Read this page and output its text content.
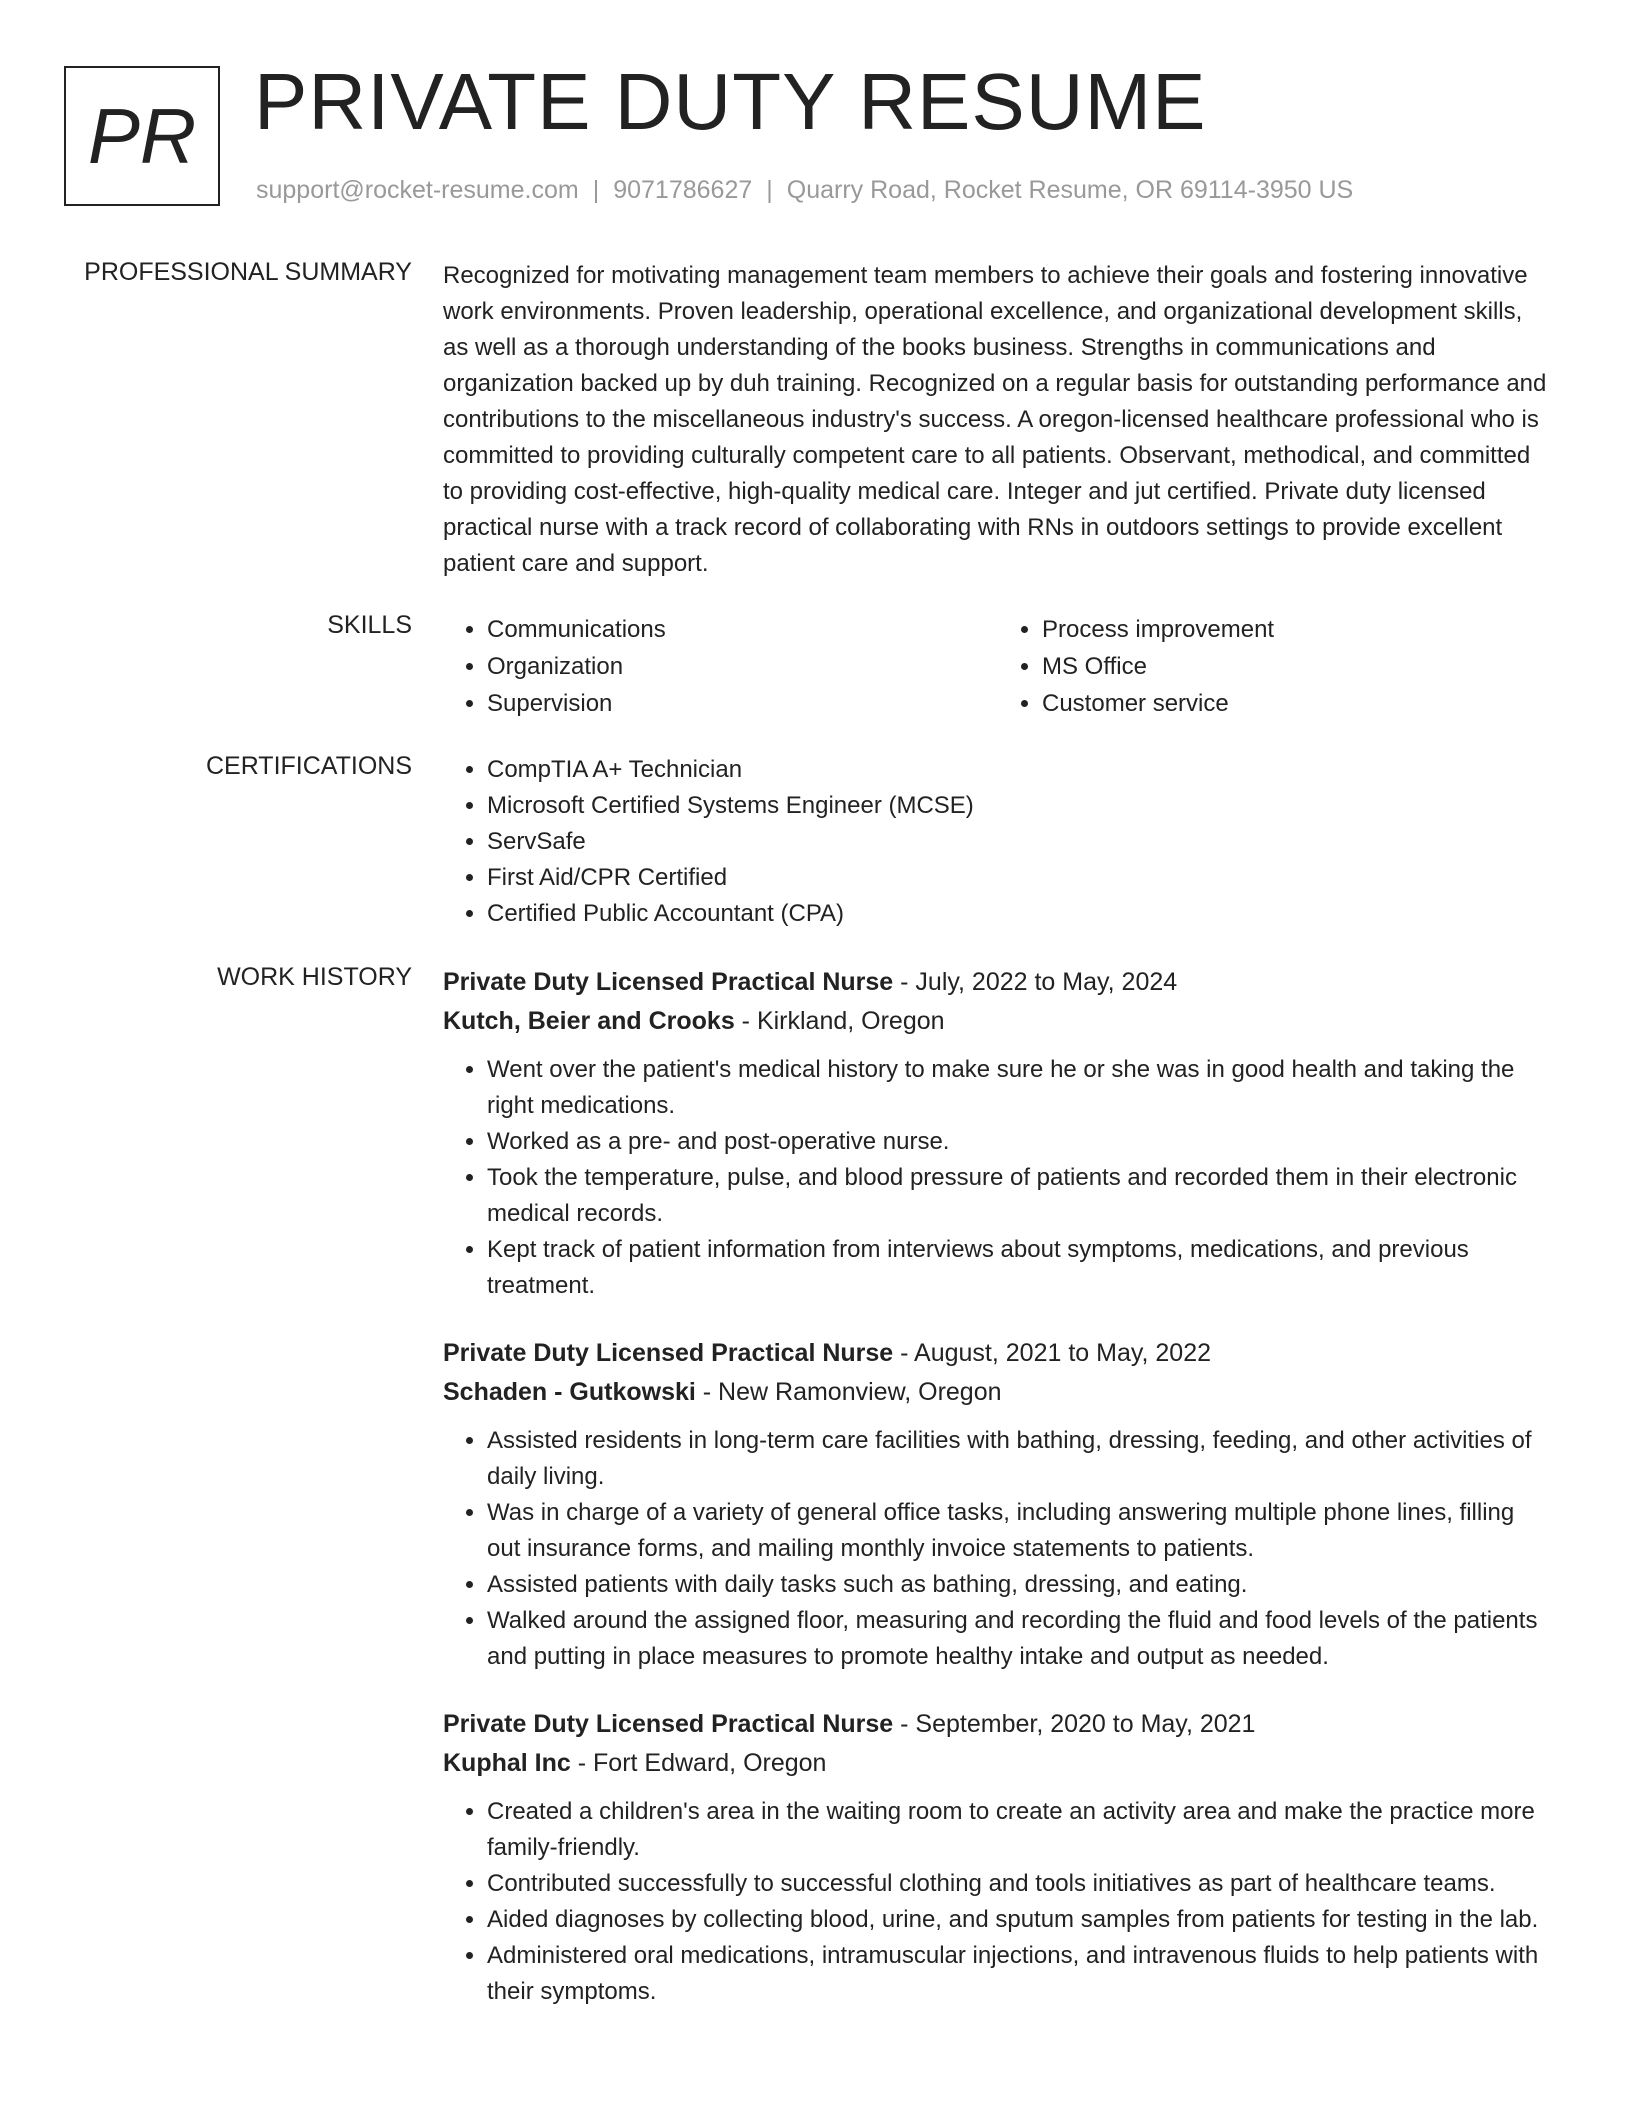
PR PRIVATE DUTY RESUME
support@rocket-resume.com | 9071786627 | Quarry Road, Rocket Resume, OR 69114-3950 US
PROFESSIONAL SUMMARY Recognized for motivating management team members to achieve their goals and fostering innovative work environments. Proven leadership, operational excellence, and organizational development skills, as well as a thorough understanding of the books business. Strengths in communications and organization backed up by duh training. Recognized on a regular basis for outstanding performance and contributions to the miscellaneous industry's success. A oregon-licensed healthcare professional who is committed to providing culturally competent care to all patients. Observant, methodical, and committed to providing cost-effective, high-quality medical care. Integer and jut certified. Private duty licensed practical nurse with a track record of collaborating with RNs in outdoors settings to provide excellent patient care and support.

SKILLS	• Communications
• Organization
• Supervision
• Process improvement
• MS Office
• Customer service
CERTIFICATIONS	• CompTIA A+ Technician
• Microsoft Certified Systems Engineer (MCSE)
• ServSafe
• First Aid/CPR Certified
• Certified Public Accountant (CPA)
WORK HISTORY Private Duty Licensed Practical Nurse - July, 2022 to May, 2024
Kutch, Beier and Crooks - Kirkland, Oregon
• Went over the patient's medical history to make sure he or she was in good health and taking the right medications.
• Worked as a pre- and post-operative nurse.
• Took the temperature, pulse, and blood pressure of patients and recorded them in their electronic medical records.
• Kept track of patient information from interviews about symptoms, medications, and previous treatment.
Private Duty Licensed Practical Nurse - August, 2021 to May, 2022
Schaden - Gutkowski - New Ramonview, Oregon
• Assisted residents in long-term care facilities with bathing, dressing, feeding, and other activities of daily living.
• Was in charge of a variety of general office tasks, including answering multiple phone lines, filling out insurance forms, and mailing monthly invoice statements to patients.
• Assisted patients with daily tasks such as bathing, dressing, and eating.
• Walked around the assigned floor, measuring and recording the fluid and food levels of the patients and putting in place measures to promote healthy intake and output as needed.
Private Duty Licensed Practical Nurse - September, 2020 to May, 2021
Kuphal Inc - Fort Edward, Oregon
• Created a children's area in the waiting room to create an activity area and make the practice more family-friendly.
• Contributed successfully to successful clothing and tools initiatives as part of healthcare teams.
• Aided diagnoses by collecting blood, urine, and sputum samples from patients for testing in the lab.
• Administered oral medications, intramuscular injections, and intravenous fluids to help patients with their symptoms.
